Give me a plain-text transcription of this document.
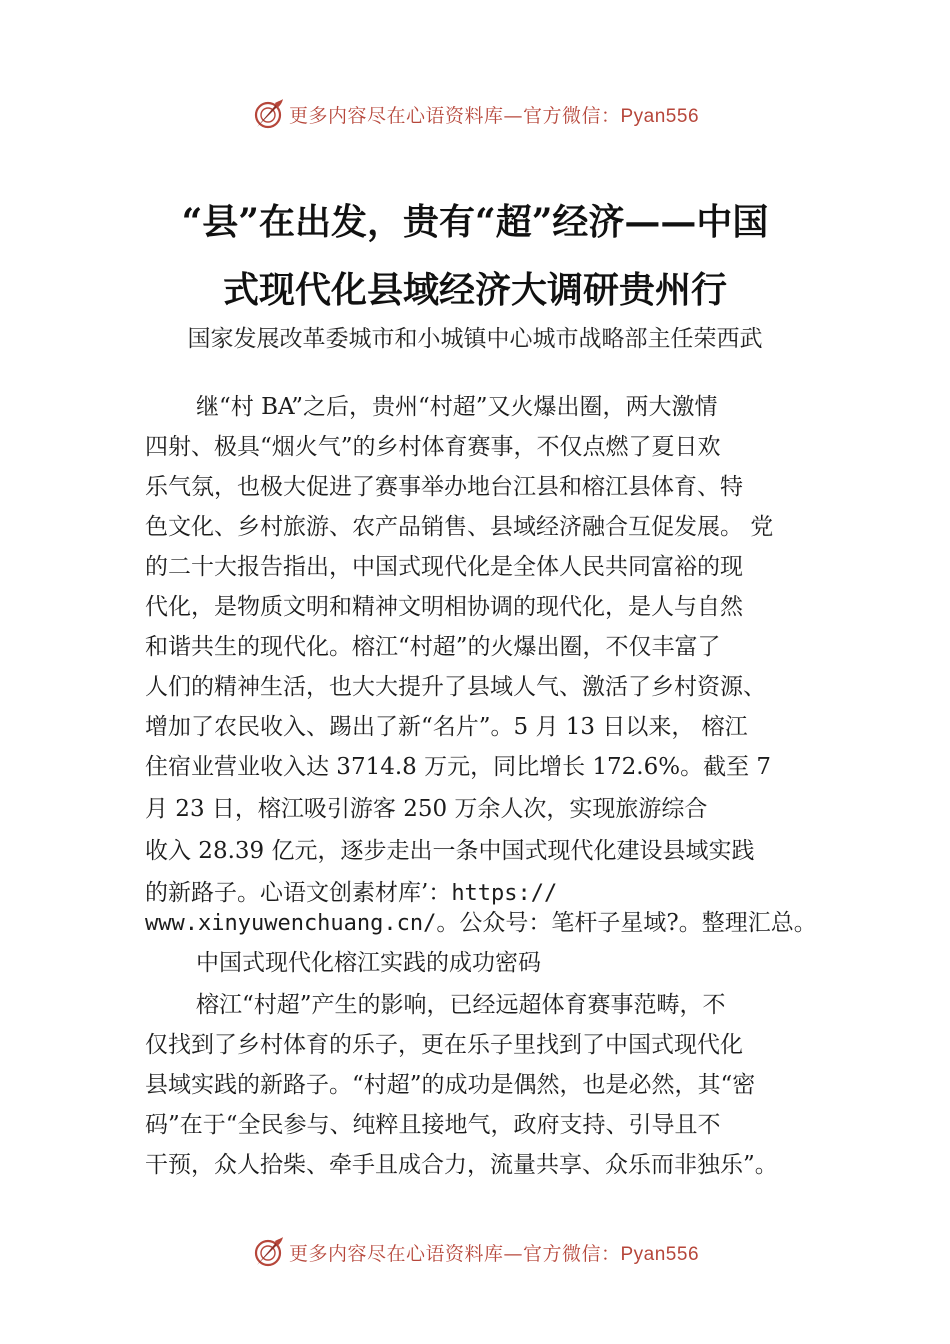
更多内容尽在心语资料库—官方微信：Pyan556
“县”在出发，贵有“超”经济——中国
式现代化县域经济大调研贵州行
国家发展改革委城市和小城镇中心城市战略部主任荣西武
继“村 BA”之后，贵州“村超”又火爆出圈，两大激情
四射、极具“烟火气”的乡村体育赛事，不仅点燃了夏日欢
乐气氛，也极大促进了赛事举办地台江县和榕江县体育、特
色文化、乡村旅游、农产品销售、县域经济融合互促发展。 党
的二十大报告指出，中国式现代化是全体人民共同富裕的现
代化，是物质文明和精神文明相协调的现代化，是人与自然
和谐共生的现代化。榕江“村超”的火爆出圈，不仅丰富了
人们的精神生活，也大大提升了县域人气、激活了乡村资源、
增加了农民收入、踢出了新“名片”。5 月 13 日以来， 榕江
住宿业营业收入达 3714.8 万元，同比增长 172.6%。截至 7
月 23 日，榕江吸引游客 250 万余人次，实现旅游综合
收入 28.39 亿元，逐步走出一条中国式现代化建设县域实践
的新路子。心语文创素材库’：https://
www.xinyuwenchuang.cn/。公众号：笔杆子星域?。整理汇总。
中国式现代化榕江实践的成功密码
榕江“村超”产生的影响，已经远超体育赛事范畴，不
仅找到了乡村体育的乐子，更在乐子里找到了中国式现代化
县域实践的新路子。“村超”的成功是偶然，也是必然，其“密
码”在于“全民参与、纯粹且接地气，政府支持、引导且不
干预，众人拾柴、牵手且成合力，流量共享、众乐而非独乐”。
更多内容尽在心语资料库—官方微信：Pyan556
